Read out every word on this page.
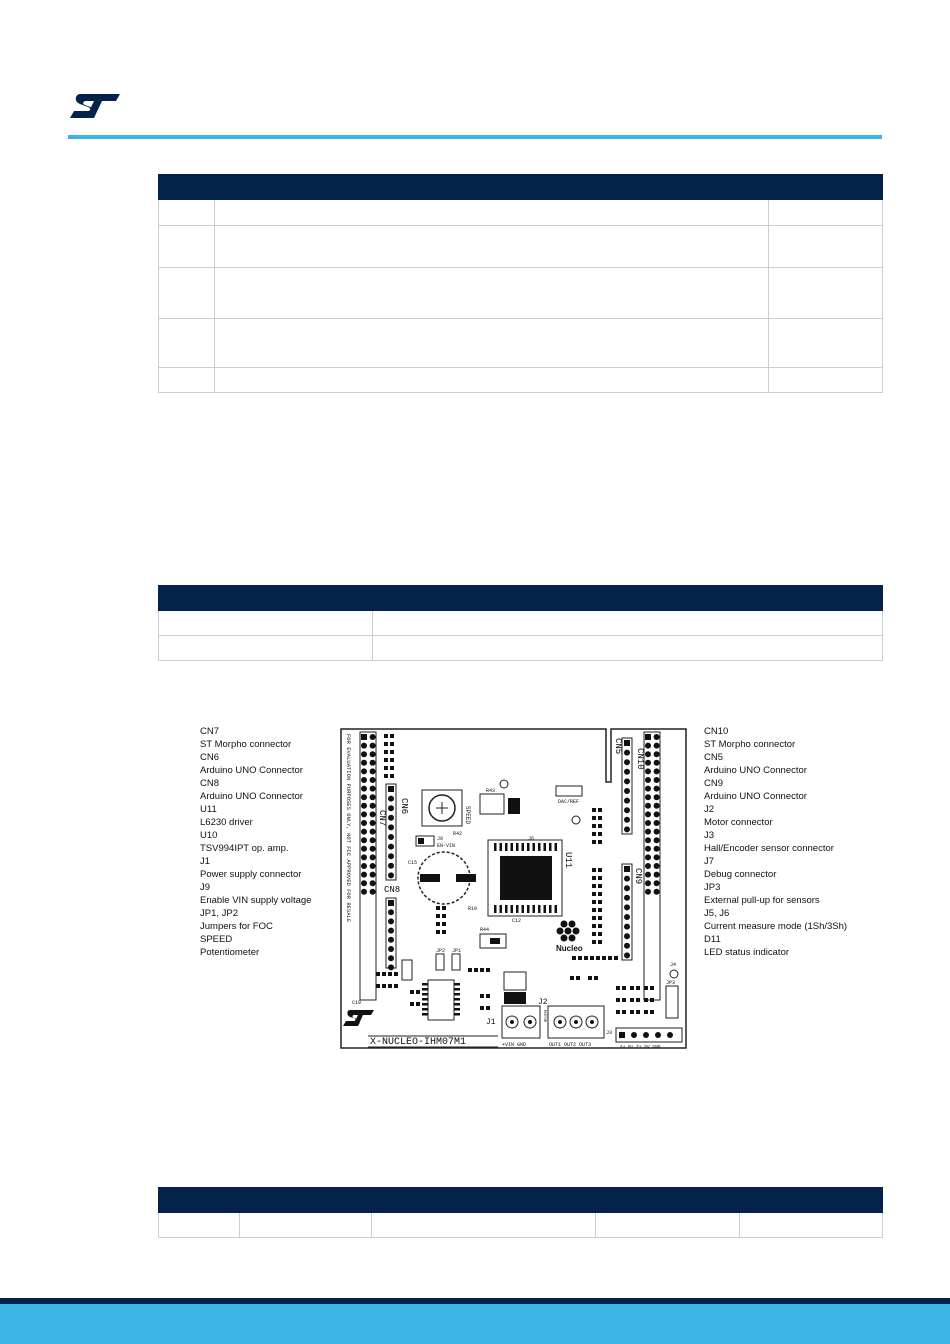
CN7
ST Morpho connector
CN6
Arduino UNO Connector
CN8
Arduino UNO Connector
U11
L6230 driver
U10
TSV994IPT op. amp.
J1
Power supply connector
J9
Enable VIN supply voltage
JP1, JP2
Jumpers for FOC
SPEED
Potentiometer
CN10
ST Morpho connector
CN5
Arduino UNO Connector
CN9
Arduino UNO Connector
J2
Motor connector
J3
Hall/Encoder sensor connector
J7
Debug connector
JP3
External pull-up for sensors
J5, J6
Current measure mode (1Sh/3Sh)
D11
LED status indicator
CN7
CN6
CN8
FOR EVALUATION PURPOSES ONLY, NOT FCC APPROVED FOR RESALE	SPEED
R42
J9
EN-VIN
C15	U11
R43
R19
J6
DAC/REF
R44
C12
Nucleo
JP1
JP2
C10
J1
+VIN GND
J2
MOTOR
OUT1 OUT2 OUT3
CN10
CN5
CN9
J4
JP3
J3
A+ B+ Z+ 5V GND
X-NUCLEO-IHM07M1
